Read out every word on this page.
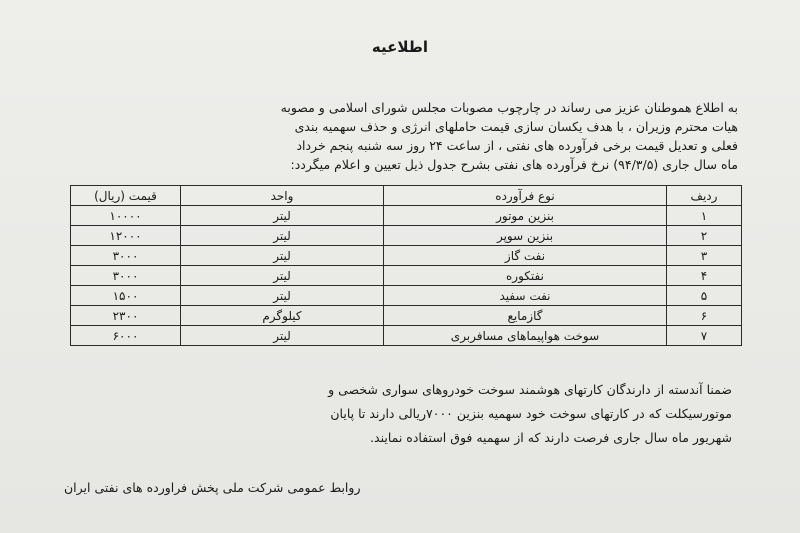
اطلاعیه
به اطلاع هموطنان عزیز می رساند در چارچوب مصوبات مجلس شورای اسلامی و مصوبه
هیات محترم وزیران ، با هدف یکسان سازی قیمت حاملهای انرژی و حذف سهمیه بندی
فعلی و تعدیل قیمت برخی فرآورده های نفتی ، از ساعت ۲۴ روز سه شنبه پنجم خرداد
ماه سال جاری (۹۴/۳/۵) نرخ فرآورده های نفتی بشرح جدول ذیل تعیین و اعلام میگردد:
ردیف	نوع فرآورده	واحد	قیمت (ریال)
۱	بنزین موتور	لیتر	۱۰۰۰۰
۲	بنزین سوپر	لیتر	۱۲۰۰۰
۳	نفت گاز	لیتر	۳۰۰۰
۴	نفتکوره	لیتر	۳۰۰۰
۵	نفت سفید	لیتر	۱۵۰۰
۶	گازمایع	کیلوگرم	۲۳۰۰
۷	سوخت هواپیماهای مسافربری	لیتر	۶۰۰۰
ضمنا آندسته از دارندگان کارتهای هوشمند سوخت خودروهای سواری شخصی و
موتورسیکلت که در کارتهای سوخت خود سهمیه بنزین ۷۰۰۰ریالی دارند تا پایان
شهریور ماه سال جاری فرصت دارند که از سهمیه فوق استفاده نمایند.
روابط عمومی شرکت ملی پخش فراورده های نفتی ایران
